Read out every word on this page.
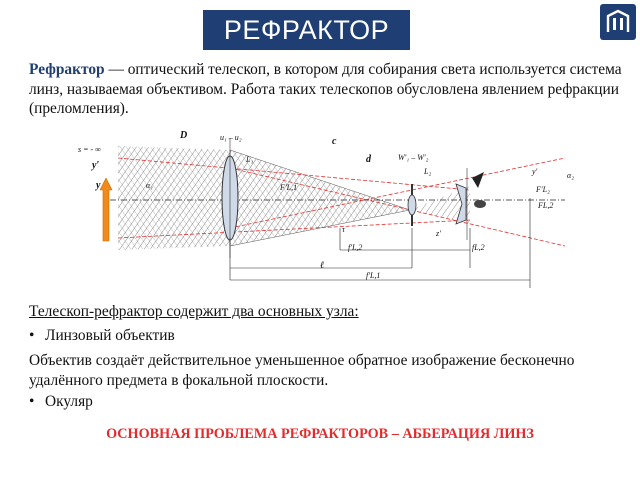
РЕФРАКТОР
Рефрактор — оптический телескоп, в котором для собирания света используется система линз, называемая объективом. Работа таких телескопов обусловлена явлением рефракции (преломления).
s = - ∞
D	u₁ – u₂
L₁
c
d	W′₁ – W′₂
L₂
y
y′
y′
α₁
α₂
τ	z′
F′L₂
FL,2
F′L,1
f′L,2	fL,2
ℓ
f′L,1
Телескоп-рефрактор содержит два основных узла:
• Линзовый объектив
Объектив создаёт действительное уменьшенное обратное изображение бесконечно удалённого предмета в фокальной плоскости.
• Окуляр
ОСНОВНАЯ ПРОБЛЕМА РЕФРАКТОРОВ – АББЕРАЦИЯ ЛИНЗ
